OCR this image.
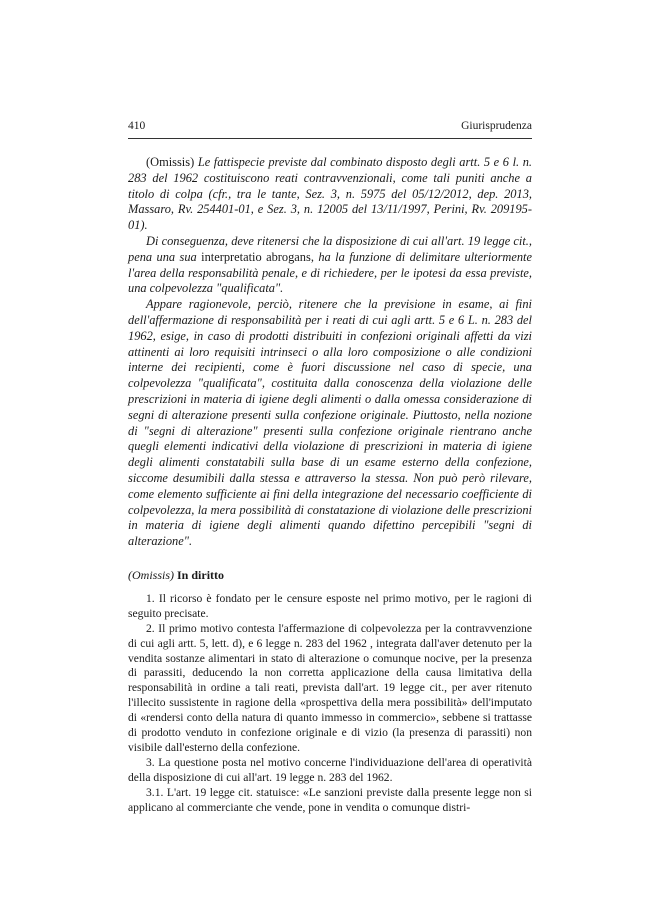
410	Giurisprudenza

(Omissis) Le fattispecie previste dal combinato disposto degli artt. 5 e 6 l. n. 283 del 1962 costituiscono reati contravvenzionali, come tali puniti anche a titolo di colpa (cfr., tra le tante, Sez. 3, n. 5975 del 05/12/2012, dep. 2013, Massaro, Rv. 254401-01, e Sez. 3, n. 12005 del 13/11/1997, Perini, Rv. 209195-01).

Di conseguenza, deve ritenersi che la disposizione di cui all'art. 19 legge cit., pena una sua interpretatio abrogans, ha la funzione di delimitare ulteriormente l'area della responsabilità penale, e di richiedere, per le ipotesi da essa previste, una colpevolezza "qualificata".

Appare ragionevole, perciò, ritenere che la previsione in esame, ai fini dell'affermazione di responsabilità per i reati di cui agli artt. 5 e 6 L. n. 283 del 1962, esige, in caso di prodotti distribuiti in confezioni originali affetti da vizi attinenti ai loro requisiti intrinseci o alla loro composizione o alle condizioni interne dei recipienti, come è fuori discussione nel caso di specie, una colpevolezza "qualificata", costituita dalla conoscenza della violazione delle prescrizioni in materia di igiene degli alimenti o dalla omessa considerazione di segni di alterazione presenti sulla confezione originale. Piuttosto, nella nozione di "segni di alterazione" presenti sulla confezione originale rientrano anche quegli elementi indicativi della violazione di prescrizioni in materia di igiene degli alimenti constatabili sulla base di un esame esterno della confezione, siccome desumibili dalla stessa e attraverso la stessa. Non può però rilevare, come elemento sufficiente ai fini della integrazione del necessario coefficiente di colpevolezza, la mera possibilità di constatazione di violazione delle prescrizioni in materia di igiene degli alimenti quando difettino percepibili "segni di alterazione".

(Omissis) In diritto

1. Il ricorso è fondato per le censure esposte nel primo motivo, per le ragioni di seguito precisate.

2. Il primo motivo contesta l'affermazione di colpevolezza per la contravvenzione di cui agli artt. 5, lett. d), e 6 legge n. 283 del 1962 , integrata dall'aver detenuto per la vendita sostanze alimentari in stato di alterazione o comunque nocive, per la presenza di parassiti, deducendo la non corretta applicazione della causa limitativa della responsabilità in ordine a tali reati, prevista dall'art. 19 legge cit., per aver ritenuto l'illecito sussistente in ragione della «prospettiva della mera possibilità» dell'imputato di «rendersi conto della natura di quanto immesso in commercio», sebbene si trattasse di prodotto venduto in confezione originale e di vizio (la presenza di parassiti) non visibile dall'esterno della confezione.

3. La questione posta nel motivo concerne l'individuazione dell'area di operatività della disposizione di cui all'art. 19 legge n. 283 del 1962.

3.1. L'art. 19 legge cit. statuisce: «Le sanzioni previste dalla presente legge non si applicano al commerciante che vende, pone in vendita o comunque distri-
